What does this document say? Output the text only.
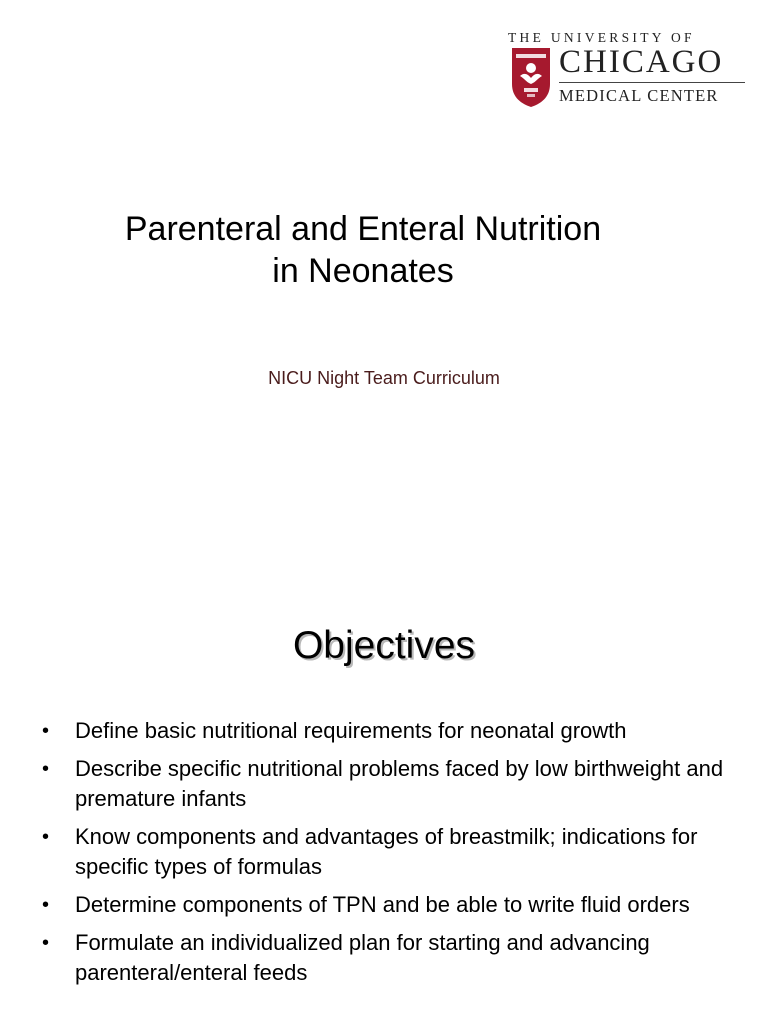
THE UNIVERSITY OF
CHICAGO
MEDICAL CENTER
Parenteral and Enteral Nutrition
in Neonates
NICU Night Team Curriculum
Objectives
• Define basic nutritional requirements for neonatal growth
• Describe specific nutritional problems faced by low birthweight and premature infants
• Know components and advantages of breastmilk; indications for specific types of formulas
• Determine components of TPN and be able to write fluid orders
• Formulate an individualized plan for starting and advancing parenteral/enteral feeds
